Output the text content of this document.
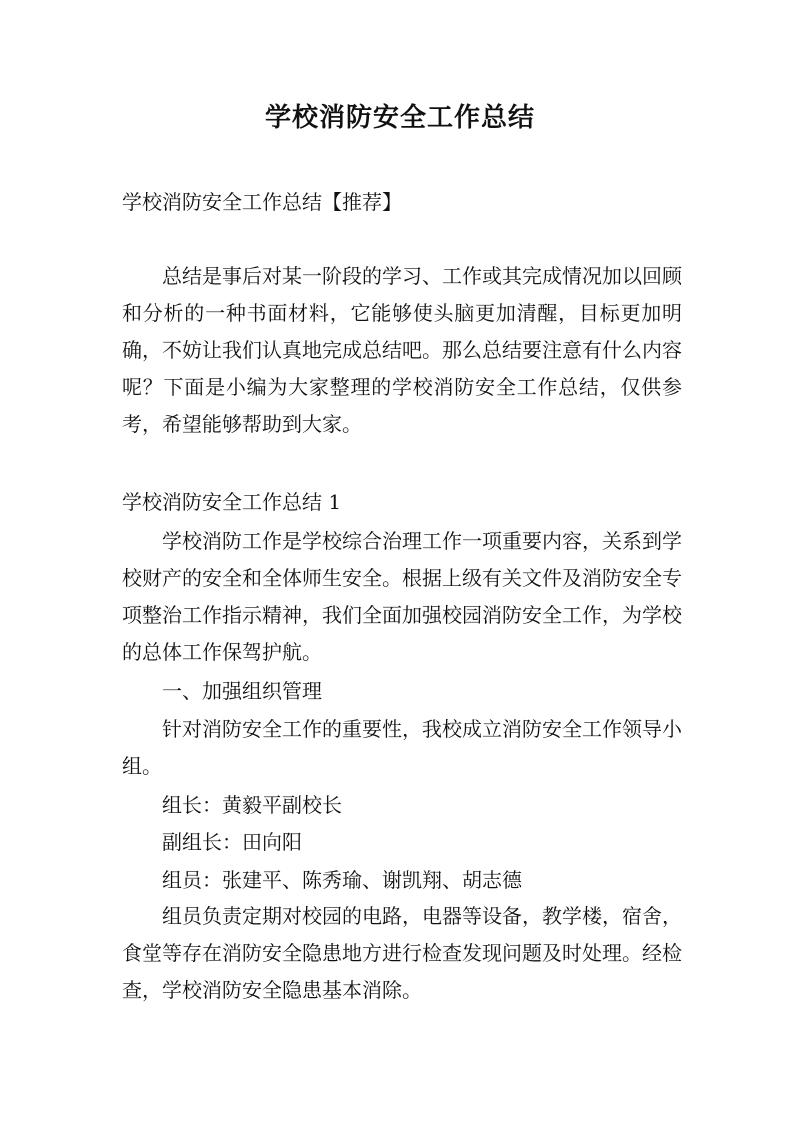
学校消防安全工作总结
学校消防安全工作总结【推荐】
总结是事后对某一阶段的学习、工作或其完成情况加以回顾和分析的一种书面材料，它能够使头脑更加清醒，目标更加明确，不妨让我们认真地完成总结吧。那么总结要注意有什么内容呢？下面是小编为大家整理的学校消防安全工作总结，仅供参考，希望能够帮助到大家。
学校消防安全工作总结 1
学校消防工作是学校综合治理工作一项重要内容，关系到学校财产的安全和全体师生安全。根据上级有关文件及消防安全专项整治工作指示精神，我们全面加强校园消防安全工作，为学校的总体工作保驾护航。
一、加强组织管理
针对消防安全工作的重要性，我校成立消防安全工作领导小组。
组长：黄毅平副校长
副组长：田向阳
组员：张建平、陈秀瑜、谢凯翔、胡志德
组员负责定期对校园的电路，电器等设备，教学楼，宿舍，食堂等存在消防安全隐患地方进行检查发现问题及时处理。经检查，学校消防安全隐患基本消除。
